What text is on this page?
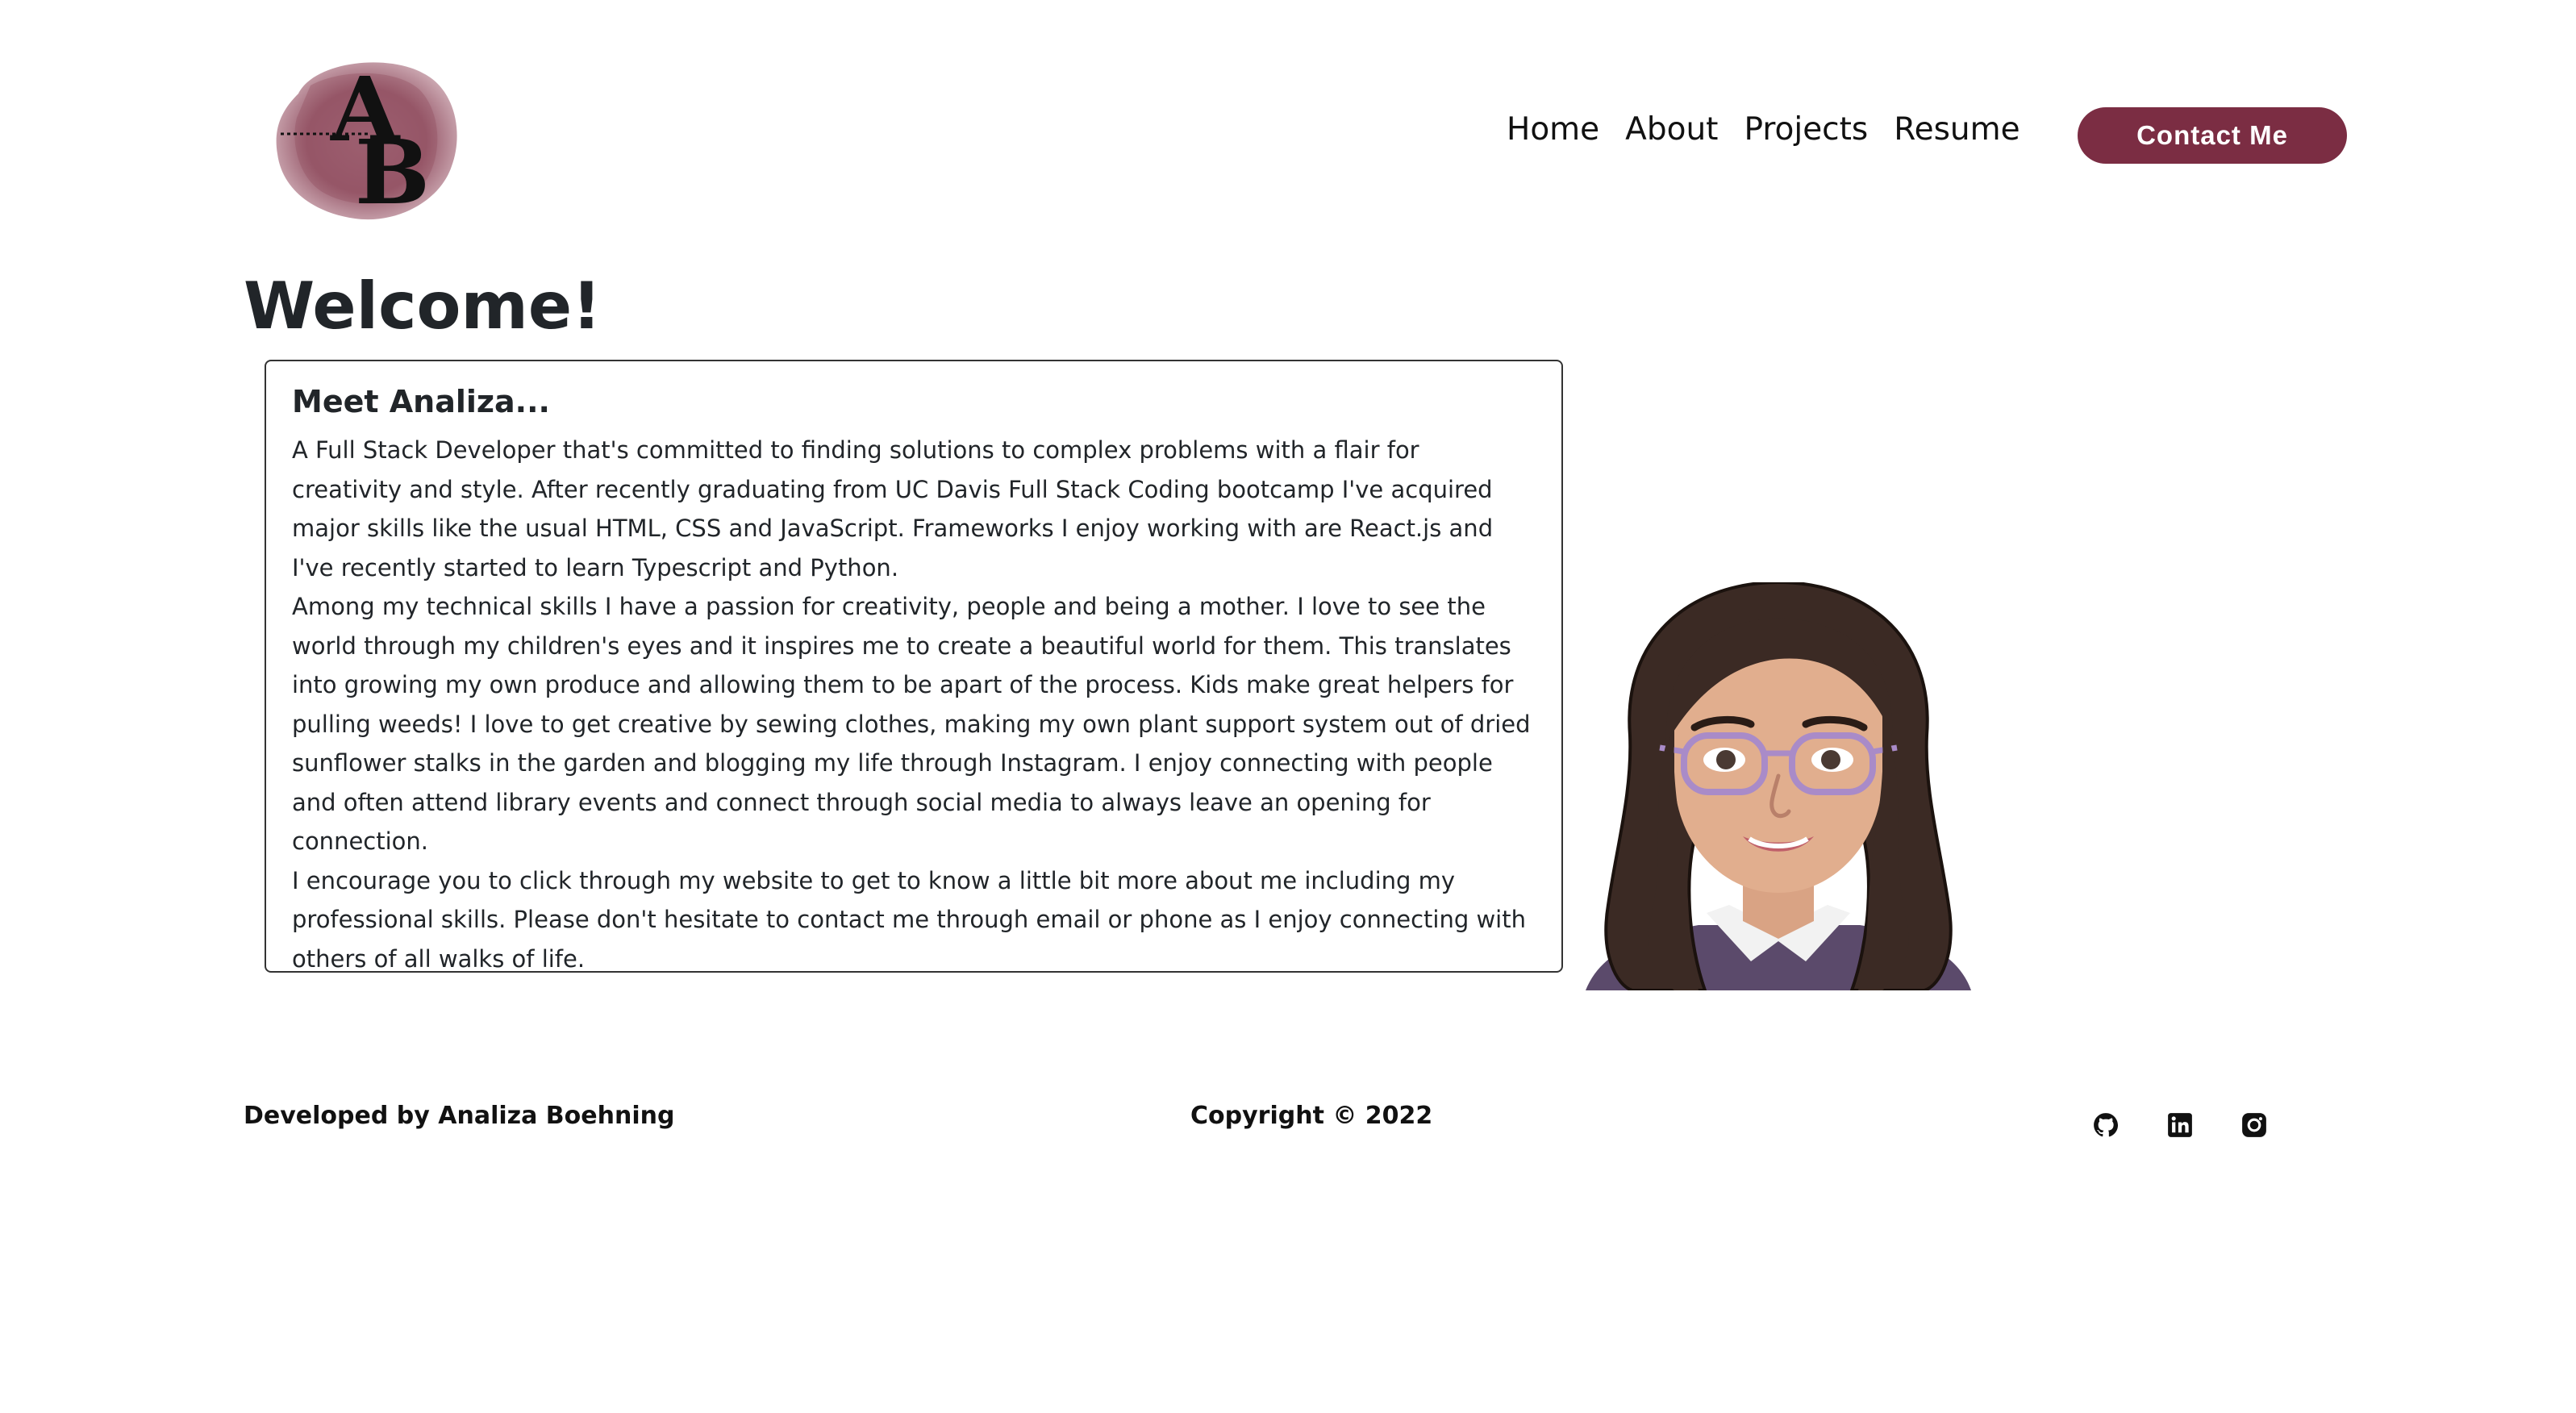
A
B	Home About Projects Resume	Contact Me
Welcome!
Meet Analiza...

A Full Stack Developer that's committed to finding solutions to complex problems with a flair for creativity and style. After recently graduating from UC Davis Full Stack Coding bootcamp I've acquired major skills like the usual HTML, CSS and JavaScript. Frameworks I enjoy working with are React.js and I've recently started to learn Typescript and Python.

Among my technical skills I have a passion for creativity, people and being a mother. I love to see the world through my children's eyes and it inspires me to create a beautiful world for them. This translates into growing my own produce and allowing them to be apart of the process. Kids make great helpers for pulling weeds! I love to get creative by sewing clothes, making my own plant support system out of dried sunflower stalks in the garden and blogging my life through Instagram. I enjoy connecting with people and often attend library events and connect through social media to always leave an opening for connection.

I encourage you to click through my website to get to know a little bit more about me including my professional skills. Please don't hesitate to contact me through email or phone as I enjoy connecting with others of all walks of life.

Developed by Analiza Boehning	Copyright © 2022
